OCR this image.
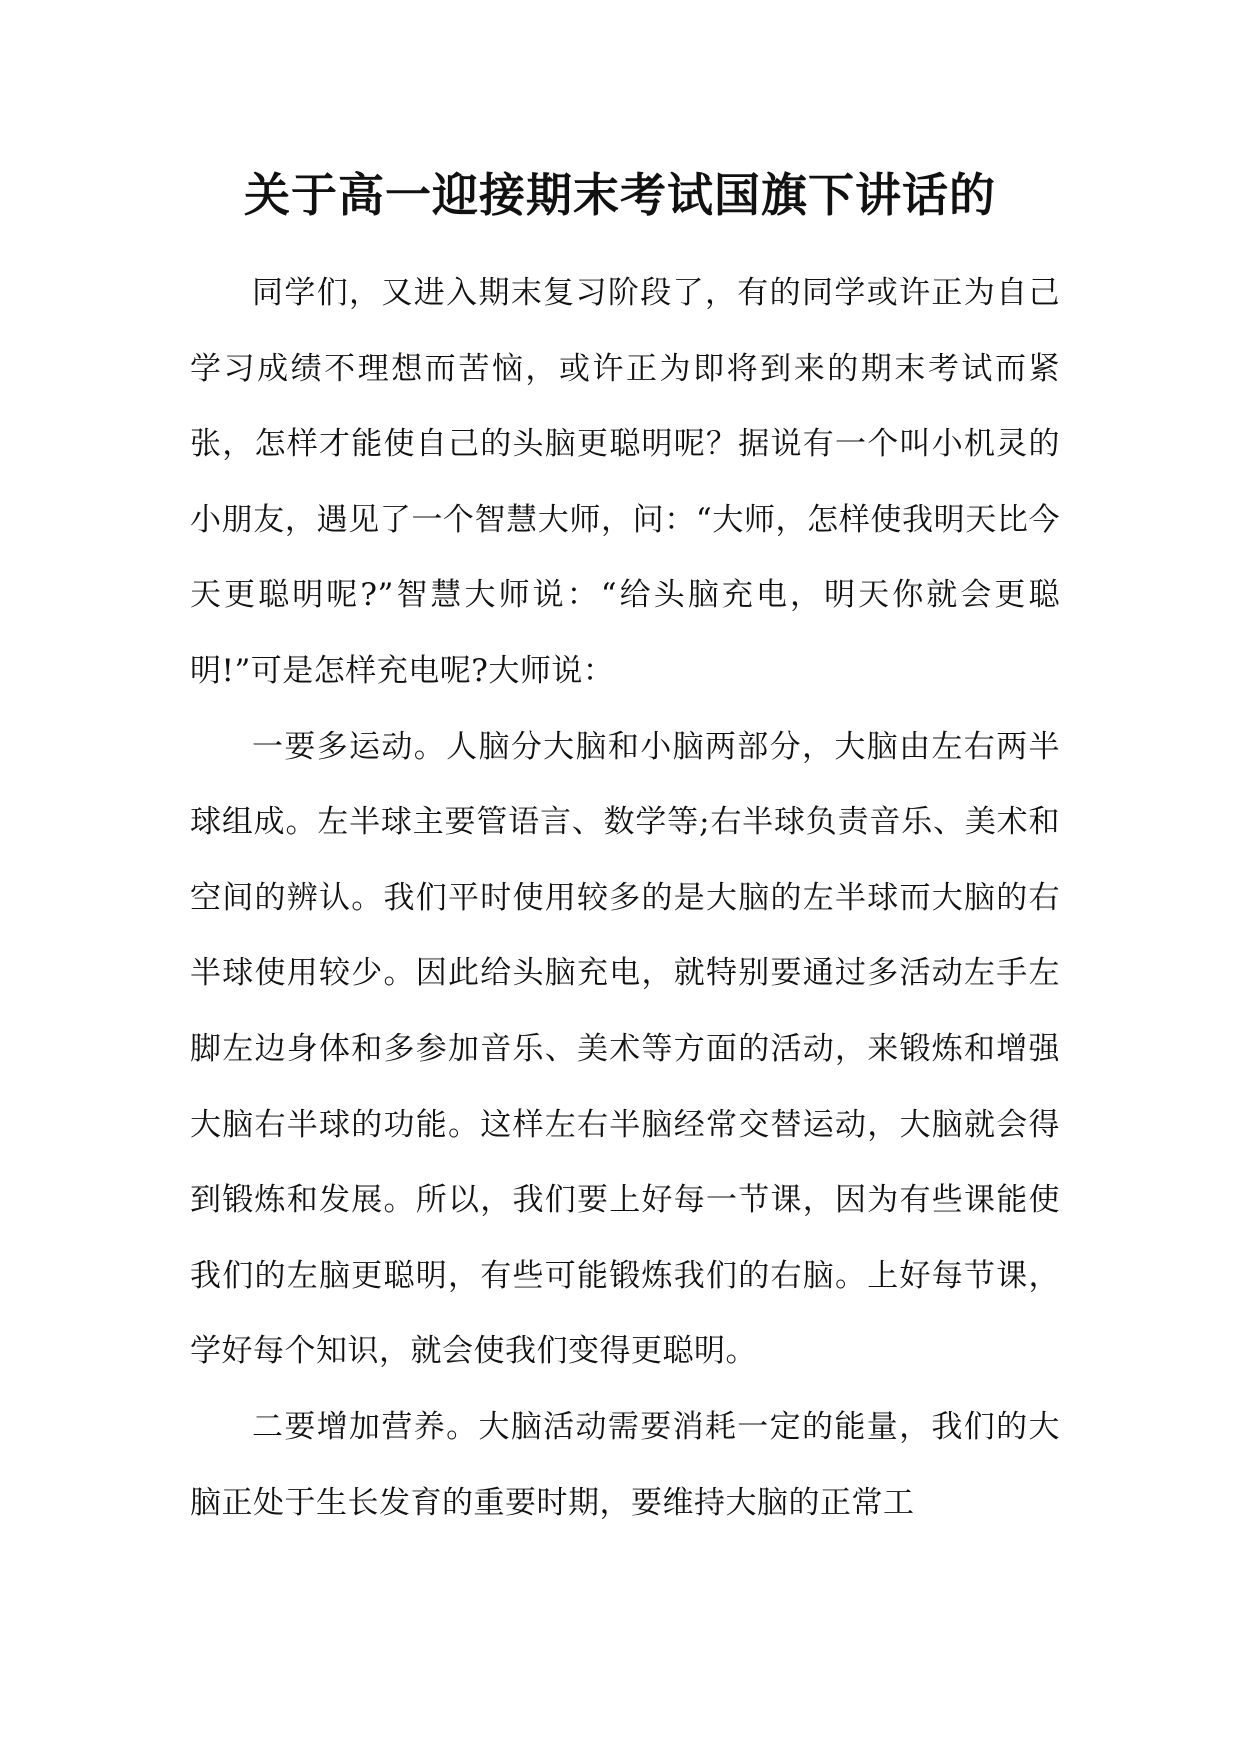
关于高一迎接期末考试国旗下讲话的

同学们，又进入期末复习阶段了，有的同学或许正为自己学习成绩不理想而苦恼，或许正为即将到来的期末考试而紧张，怎样才能使自己的头脑更聪明呢？据说有一个叫小机灵的小朋友，遇见了一个智慧大师，问：“大师，怎样使我明天比今天更聪明呢?”智慧大师说：“给头脑充电，明天你就会更聪明!”可是怎样充电呢?大师说：

一要多运动。人脑分大脑和小脑两部分，大脑由左右两半球组成。左半球主要管语言、数学等;右半球负责音乐、美术和空间的辨认。我们平时使用较多的是大脑的左半球而大脑的右半球使用较少。因此给头脑充电，就特别要通过多活动左手左脚左边身体和多参加音乐、美术等方面的活动，来锻炼和增强大脑右半球的功能。这样左右半脑经常交替运动，大脑就会得到锻炼和发展。所以，我们要上好每一节课，因为有些课能使我们的左脑更聪明，有些可能锻炼我们的右脑。上好每节课，学好每个知识，就会使我们变得更聪明。

二要增加营养。大脑活动需要消耗一定的能量，我们的大脑正处于生长发育的重要时期，要维持大脑的正常工
